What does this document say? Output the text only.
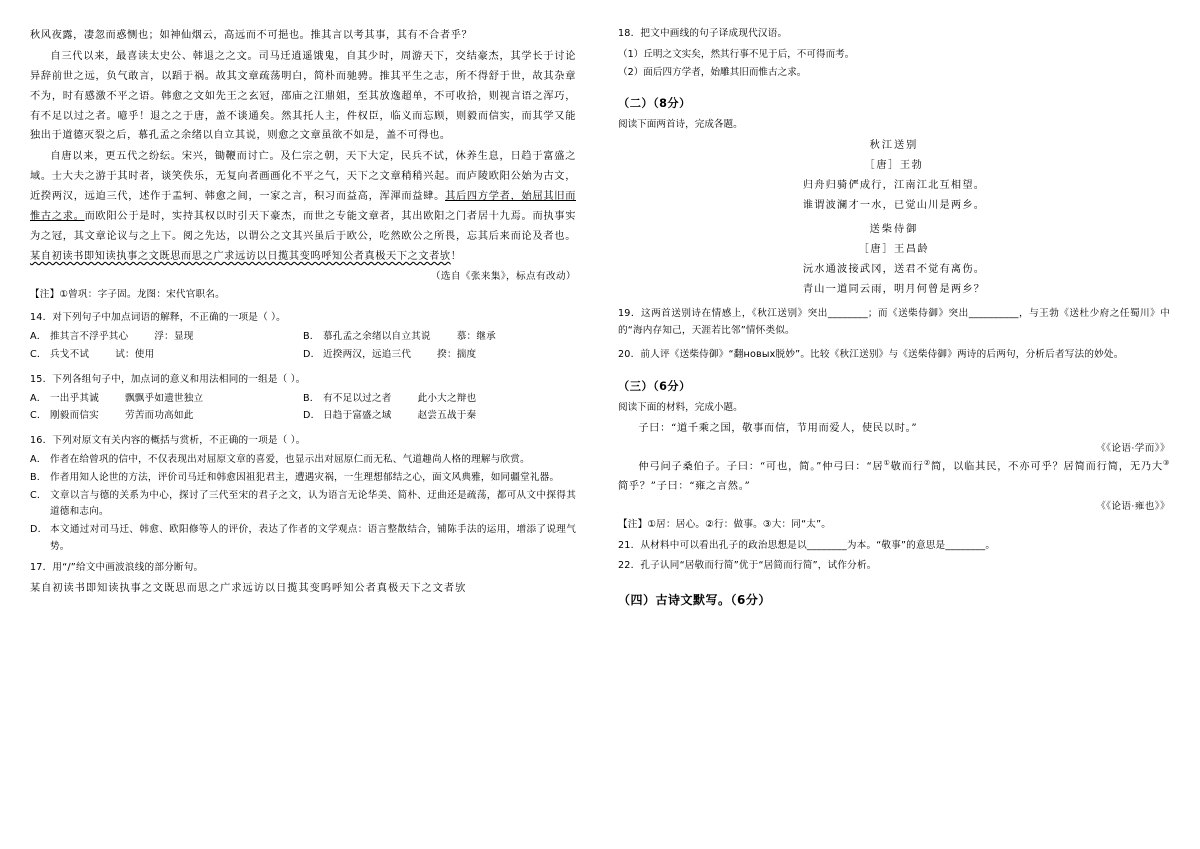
秋风夜露，凄忽而惑恻也；如神仙烟云，高远而不可挹也。推其言以考其事，其有不合者乎？

自三代以来，最喜读太史公、韩退之之文。司马迁逍遥饿鬼，自其少时，周游天下，交结豪杰，其学长于讨论异辞前世之远，负气敢言，以蹈于祸。故其文章疏荡明白，简朴而驰骋。推其平生之志，所不得舒于世，故其杂章不为，时有感激不平之语。韩愈之文如先王之玄冠，邵庙之江鼎姐，至其放逸超单，不可收拾，则视言语之浑巧，有不足以过之者。噫乎！退之之于唐，盖不谈通矣。然其托人主，件权臣，临义而忘顾，则毅而信实，而其学又能独出于道德灭裂之后，慕孔孟之余绪以自立其说，则愈之文章虽欲不如是，盖不可得也。

自唐以来，更五代之纷纭。宋兴，锄鞭而讨亡。及仁宗之朝，天下大定，民兵不试，休养生息，日趋于富盛之域。士大夫之游于其时者，谈笑佚乐，无复向者画画化不平之气，天下之文章稍稍兴起。而庐陵欧阳公始为古文，近揆两汉，远迫三代，述作于盂轲、韩愈之间，一家之言，积习而益高，浑渾而益肆。其后四方学者，始屈其旧而惟古之求。而欧阳公于是时，实持其权以时引天下豪杰，而世之专能文章者，其出欧阳之门者居十九焉。而执事实为之冠，其文章论议与之上下。阅之先达，以谓公之文其兴虽后于欧公，吃然欧公之所畏，忘其后来而论及者也。某自初读书即知读执事之文既思而思之广求远访以日揽其变呜呼知公者真极天下之文者欤！

（选自《张来集》，标点有改动）
【注】①曾巩：字子固。龙图：宋代官职名。
14．对下列句子中加点词语的解释，不正确的一项是（ ）。
A． 推其言不浮乎其心	浮：显现	B． 慕孔孟之余绪以自立其说	慕：继承
C． 兵戈不试	试：使用	D． 近揆两汉，远追三代	揆：揣度
15．下列各组句子中，加点词的意义和用法相同的一组是（ ）。
A． 一出乎其诚	飘飘乎如遗世独立	B． 有不足以过之者	此小大之辩也
C． 刚毅而信实	劳苦而功高如此	D． 日趋于富盛之域	赵尝五战于秦
16．下列对原文有关内容的概括与赏析，不正确的一项是（ ）。
A． 作者在给曾巩的信中，不仅表现出对屈原文章的喜爱，也显示出对屈原仁而无私、气道趣尚人格的理解与欣赏。
B． 作者用知人论世的方法，评价司马迁和韩愈因祖犯君主，遭遇灾祸，一生理想郁结之心，面文风典雅，如同疆堂礼器。
C． 文章以言与德的关系为中心，探讨了三代至宋的君子之文，认为语言无论华美、简朴、迂曲还是疏荡，都可从文中探得其道德和志向。
D． 本文通过对司马迁、韩愈、欧阳修等人的评价，表达了作者的文学观点：语言整散结合，铺陈手法的运用，增添了说理气势。
17．用“/”给文中画波浪线的部分断句。
某自初读书即知读执事之文既思而思之广求远访以日揽其变呜呼知公者真极天下之文者欤
18．把文中画线的句子译成现代汉语。
（1）丘明之文实矣，然其行事不见于后，不可得而考。
（2）面后四方学者，始雕其旧而惟古之求。
（二）（8分）
阅读下面两首诗，完成各题。
秋江送别
［唐］王勃
归舟归骑俨成行，江南江北互相望。
谁谓波澜才一水，已觉山川是两乡。
送柴侍御
［唐］王昌龄
沅水通波接武冈，送君不觉有离伤。
青山一道同云雨，明月何曾是两乡？
19．这两首送别诗在情感上，《秋江送别》突出________；而《送柴侍御》突出__________，与王勃《送杜少府之任蜀川》中的“海内存知己，天涯若比邻”情怀类似。
20．前人评《送柴侍御》“翻новых脱妙”。比较《秋江送别》与《送柴侍御》两诗的后两句，分析后者写法的妙处。
（三）（6分）
阅读下面的材料，完成小题。
子曰：“道千乘之国，敬事而信，节用而爱人，使民以时。”
《《论语·学而》》
仲弓问子桑伯子。子曰：“可也，简。”仲弓曰：“居①敬而行②简，以临其民，不亦可乎？居简而行简，无乃大③简乎？”子曰：“雍之言然。”
《《论语·雍也》》
【注】①居：居心。②行：做事。③大：同“太”。
21．从材料中可以看出孔子的政治思想是以________为本。“敬事”的意思是________。
22．孔子认同“居敬而行简”优于“居简而行简”，试作分析。
（四）古诗文默写。（6分）
